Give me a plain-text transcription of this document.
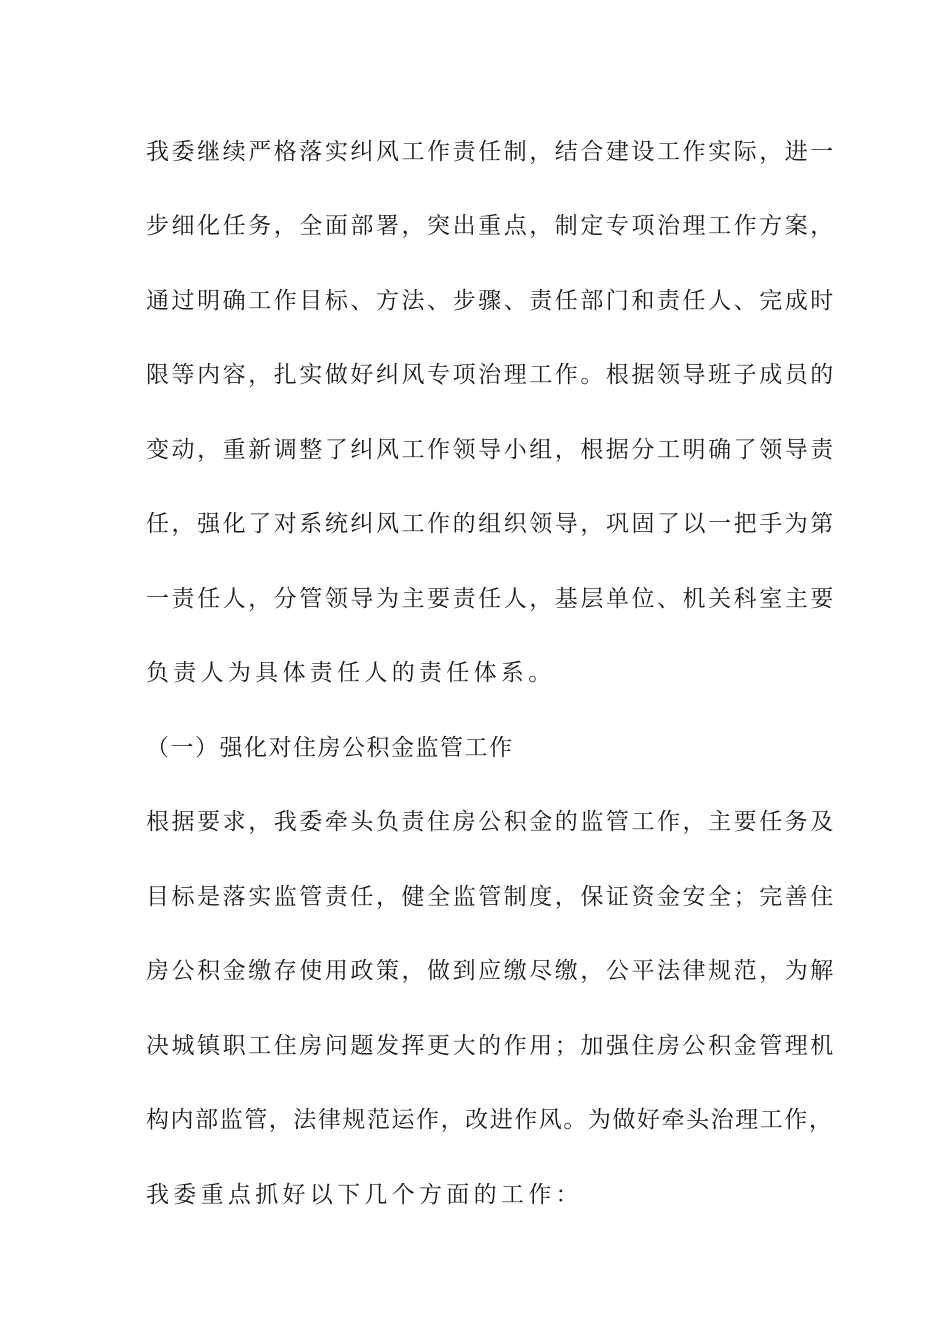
我委继续严格落实纠风工作责任制，结合建设工作实际，进一
步细化任务，全面部署，突出重点，制定专项治理工作方案，
通过明确工作目标、方法、步骤、责任部门和责任人、完成时
限等内容，扎实做好纠风专项治理工作。根据领导班子成员的
变动，重新调整了纠风工作领导小组，根据分工明确了领导责
任，强化了对系统纠风工作的组织领导，巩固了以一把手为第
一责任人，分管领导为主要责任人，基层单位、机关科室主要
负责人为具体责任人的责任体系。
（一）强化对住房公积金监管工作
根据要求，我委牵头负责住房公积金的监管工作，主要任务及
目标是落实监管责任，健全监管制度，保证资金安全；完善住
房公积金缴存使用政策，做到应缴尽缴，公平法律规范，为解
决城镇职工住房问题发挥更大的作用；加强住房公积金管理机
构内部监管，法律规范运作，改进作风。为做好牵头治理工作，
我委重点抓好以下几个方面的工作：
